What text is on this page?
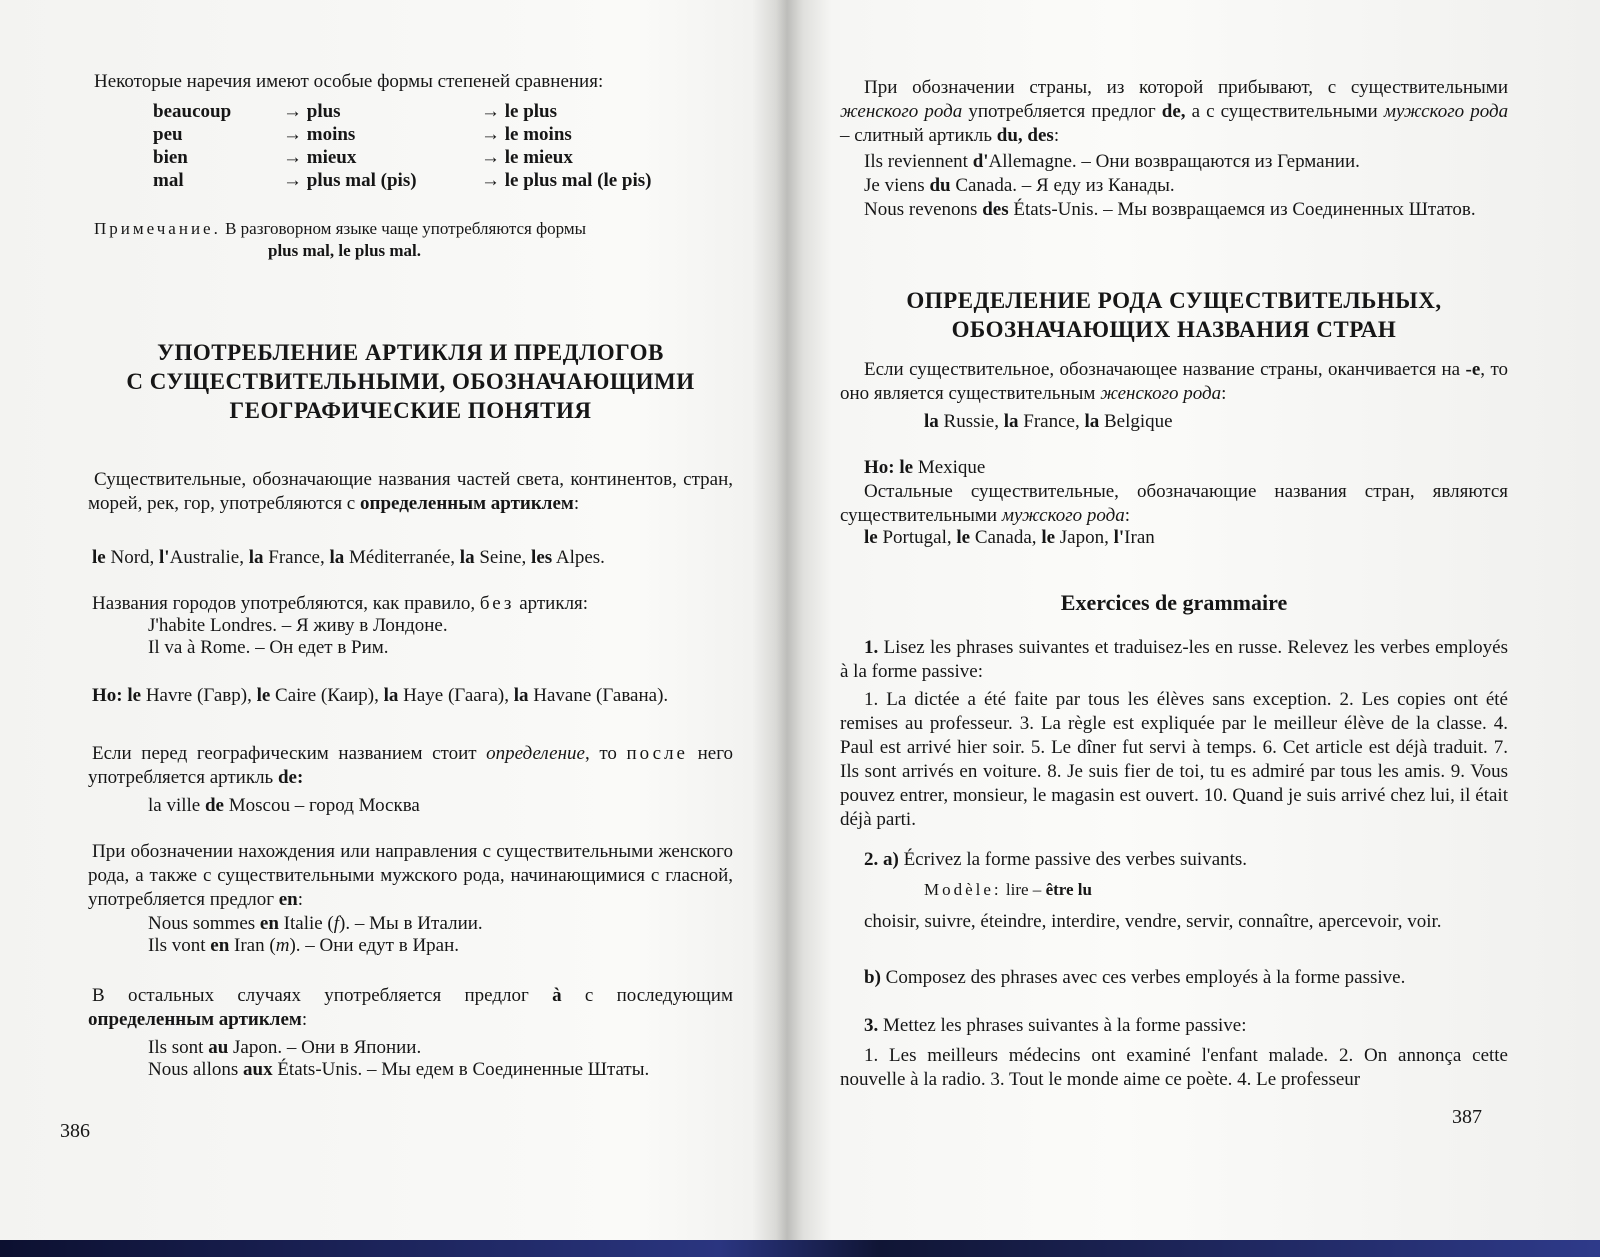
Некоторые наречия имеют особые формы степеней сравнения:

beaucoup	→ plus	→ le plus
peu	→ moins	→ le moins
bien	→ mieux	→ le mieux
mal	→ plus mal (pis)	→ le plus mal (le pis)
Примечание. В разговорном языке чаще употребляются формы
plus mal, le plus mal.
УПОТРЕБЛЕНИЕ АРТИКЛЯ И ПРЕДЛОГОВ
С СУЩЕСТВИТЕЛЬНЫМИ, ОБОЗНАЧАЮЩИМИ
ГЕОГРАФИЧЕСКИЕ ПОНЯТИЯ

Существительные, обозначающие названия частей света, континентов, стран, морей, рек, гор, употребляются с определенным артиклем:

le Nord, l'Australie, la France, la Méditerranée, la Seine, les Alpes.

Названия городов употребляются, как правило, без артикля:

J'habite Londres. – Я живу в Лондоне.

Il va à Rome. – Он едет в Рим.

Но: le Havre (Гавр), le Caire (Каир), la Haye (Гаага), la Havane (Гавана).

Если перед географическим названием стоит определение, то после него употребляется артикль de:

la ville de Moscou – город Москва

При обозначении нахождения или направления с существительными женского рода, а также с существительными мужского рода, начинающимися с гласной, употребляется предлог en:

Nous sommes en Italie (f). – Мы в Италии.

Ils vont en Iran (m). – Они едут в Иран.

В остальных случаях употребляется предлог à с последующим определенным артиклем:

Ils sont au Japon. – Они в Японии.

Nous allons aux États-Unis. – Мы едем в Соединенные Штаты.

386

При обозначении страны, из которой прибывают, с существительными женского рода употребляется предлог de, а с существительными мужского рода – слитный артикль du, des:

Ils reviennent d'Allemagne. – Они возвращаются из Германии.

Je viens du Canada. – Я еду из Канады.

Nous revenons des États-Unis. – Мы возвращаемся из Соединенных Штатов.

ОПРЕДЕЛЕНИЕ РОДА СУЩЕСТВИТЕЛЬНЫХ,
ОБОЗНАЧАЮЩИХ НАЗВАНИЯ СТРАН

Если существительное, обозначающее название страны, оканчивается на -e, то оно является существительным женского рода:

la Russie, la France, la Belgique

Но: le Mexique

Остальные существительные, обозначающие названия стран, являются существительными мужского рода:

le Portugal, le Canada, le Japon, l'Iran

Exercices de grammaire

1. Lisez les phrases suivantes et traduisez-les en russe. Relevez les verbes employés à la forme passive:

1. La dictée a été faite par tous les élèves sans exception. 2. Les copies ont été remises au professeur. 3. La règle est expliquée par le meilleur élève de la classe. 4. Paul est arrivé hier soir. 5. Le dîner fut servi à temps. 6. Cet article est déjà traduit. 7. Ils sont arrivés en voiture. 8. Je suis fier de toi, tu es admiré par tous les amis. 9. Vous pouvez entrer, monsieur, le magasin est ouvert. 10. Quand je suis arrivé chez lui, il était déjà parti.

2. a) Écrivez la forme passive des verbes suivants.

Modèle: lire – être lu

choisir, suivre, éteindre, interdire, vendre, servir, connaître, apercevoir, voir.

b) Composez des phrases avec ces verbes employés à la forme passive.

3. Mettez les phrases suivantes à la forme passive:

1. Les meilleurs médecins ont examiné l'enfant malade. 2. On annonça cette nouvelle à la radio. 3. Tout le monde aime ce poète. 4. Le professeur

387
